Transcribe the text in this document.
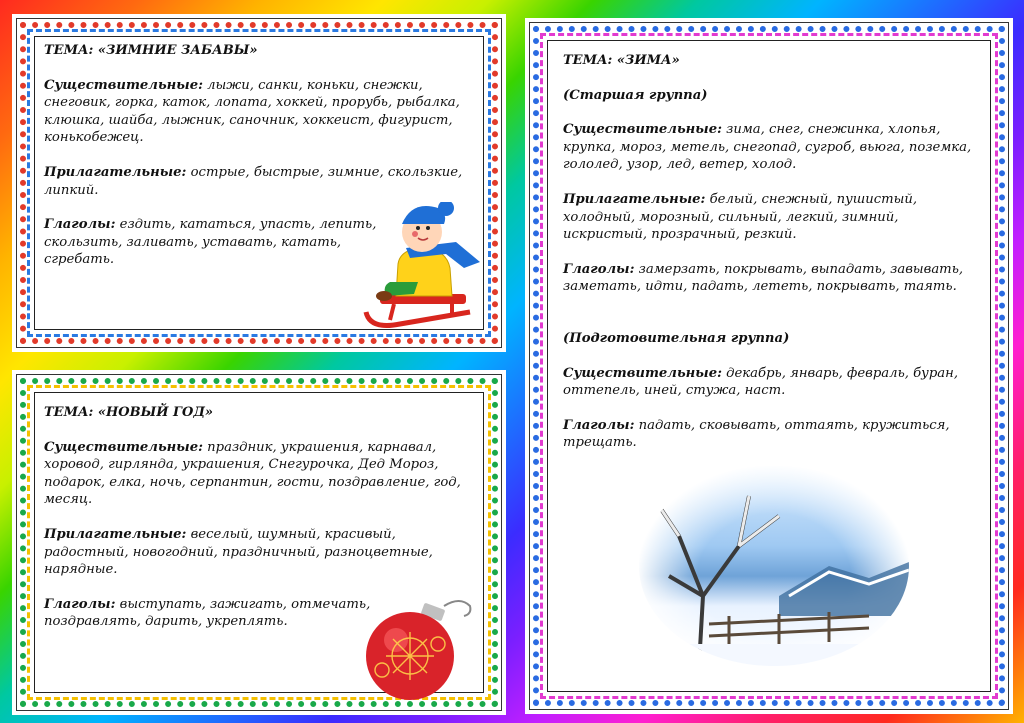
ТЕМА: «ЗИМНИЕ ЗАБАВЫ»

Существительные: лыжи, санки, коньки, снежки, снеговик, горка, каток, лопата, хоккей, прорубь, рыбалка, клюшка, шайба, лыжник, саночник, хоккеист, фигурист, конькобежец.

Прилагательные: острые, быстрые, зимние, скользкие, липкий.

Глаголы: ездить, кататься, упасть, лепить, скользить, заливать, уставать, катать, сгребать.

ТЕМА: «НОВЫЙ ГОД»

Существительные: праздник, украшения, карнавал, хоровод, гирлянда, украшения, Снегурочка, Дед Мороз, подарок, елка, ночь, серпантин, гости, поздравление, год, месяц.

Прилагательные: веселый, шумный, красивый, радостный, новогодний, праздничный, разноцветные, нарядные.

Глаголы: выступать, зажигать, отмечать, поздравлять, дарить, укреплять.

ТЕМА: «ЗИМА»

(Старшая группа)

Существительные: зима, снег, снежинка, хлопья, крупка, мороз, метель, снегопад, сугроб, вьюга, поземка, гололед, узор, лед, ветер, холод.

Прилагательные: белый, снежный, пушистый, холодный, морозный, сильный, легкий, зимний, искристый, прозрачный, резкий.

Глаголы: замерзать, покрывать, выпадать, завывать, заметать, идти, падать, лететь, покрывать, таять.

(Подготовительная группа)

Существительные: декабрь, январь, февраль, буран, оттепель, иней, стужа, наст.

Глаголы: падать, сковывать, оттаять, кружиться, трещать.
